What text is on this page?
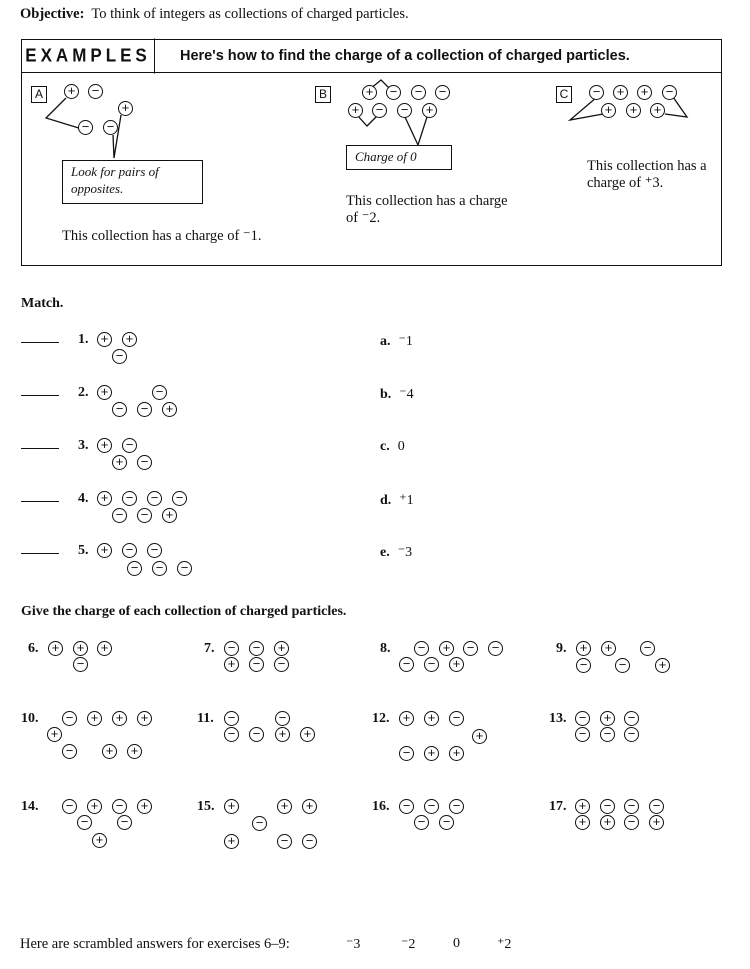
Objective: To think of integers as collections of charged particles.
EXAMPLES Here's how to find the charge of a collection of charged particles.
A	+ −
− −
+
Look for pairs of
opposites.
This collection has a charge of ⁻1.
B	+ − − −
+ − − +
Charge of 0
This collection has a charge
of ⁻2.
C − + + −
+ + +
This collection has a
charge of ⁺3.
Match.
1. + +
−
2. +	−
− − +
3. + −
+ −
4. + − − −
− − +
5. + − −
− − −
a. ⁻1
b. ⁻4
c. 0
d. ⁺1
e. ⁻3
Give the charge of each collection of charged particles.
6. + + +
−
7. − − +
+ − −
8. − + − −
− − +
9. + + −
− − +
10. − + + +
+
− + +
11. −	−
− − + +
12. + + −
+
− + +
13. − + −
− − −
14. − + − +
− −
+
15. +	+ +
−
+	− −
16. − − −
− −
17. + − − −
+ + − +
Here are scrambled answers for exercises 6–9:	⁻3	⁻2	0	⁺2
